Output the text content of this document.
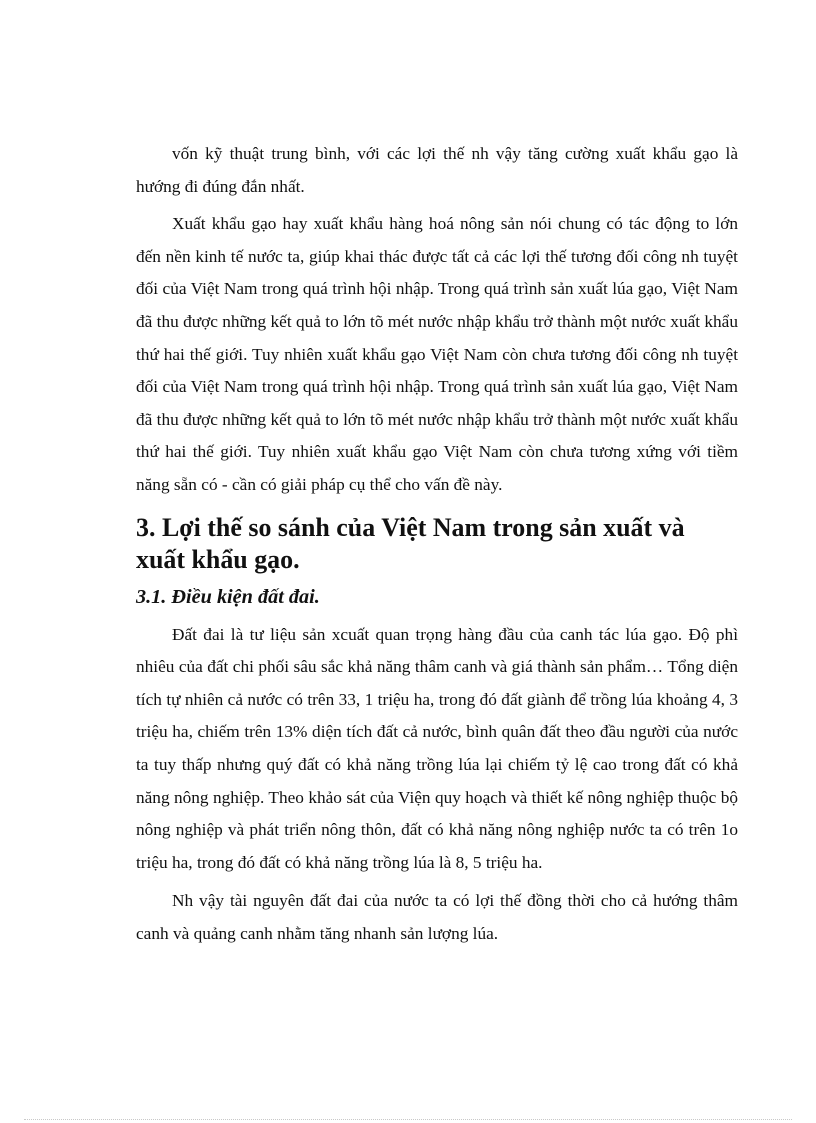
vốn kỹ thuật trung bình, với các lợi thế nh vậy tăng cường xuất khẩu gạo là hướng đi đúng đắn nhất.

Xuất khẩu gạo hay xuất khẩu hàng hoá nông sản nói chung có tác động to lớn đến nền kinh tế nước ta, giúp khai thác được tất cả các lợi thế tương đối công nh tuyệt đối của Việt Nam trong quá trình hội nhập. Trong quá trình sản xuất lúa gạo, Việt Nam đã thu được những kết quả to lớn tõ mét nước nhập khẩu trở thành một nước xuất khẩu thứ hai thế giới. Tuy nhiên xuất khẩu gạo Việt Nam còn chưa tương đối công nh tuyệt đối của Việt Nam trong quá trình hội nhập. Trong quá trình sản xuất lúa gạo, Việt Nam đã thu được những kết quả to lớn tõ mét nước nhập khẩu trở thành một nước xuất khẩu thứ hai thế giới. Tuy nhiên xuất khẩu gạo Việt Nam còn chưa tương xứng với tiềm năng sẵn có - cần có giải pháp cụ thể cho vấn đề này.

3. Lợi thế so sánh của Việt Nam trong sản xuất và xuất khẩu gạo.
3.1. Điều kiện đất đai.

Đất đai là tư liệu sản xcuất quan trọng hàng đầu của canh tác lúa gạo. Độ phì nhiêu của đất chi phối sâu sắc khả năng thâm canh và giá thành sản phẩm… Tổng diện tích tự nhiên cả nước có trên 33, 1 triệu ha, trong đó đất giành để trồng lúa khoảng 4, 3 triệu ha, chiếm trên 13% diện tích đất cả nước, bình quân đất theo đầu người của nước ta tuy thấp nhưng quý đất có khả năng trồng lúa lại chiếm tỷ lệ cao trong đất có khả năng nông nghiệp. Theo khảo sát của Viện quy hoạch và thiết kế nông nghiệp thuộc bộ nông nghiệp và phát triển nông thôn, đất có khả năng nông nghiệp nước ta có trên 1o triệu ha, trong đó đất có khả năng trồng lúa là 8, 5 triệu ha.

Nh vậy tài nguyên đất đai của nước ta có lợi thế đồng thời cho cả hướng thâm canh và quảng canh nhằm tăng nhanh sản lượng lúa.
